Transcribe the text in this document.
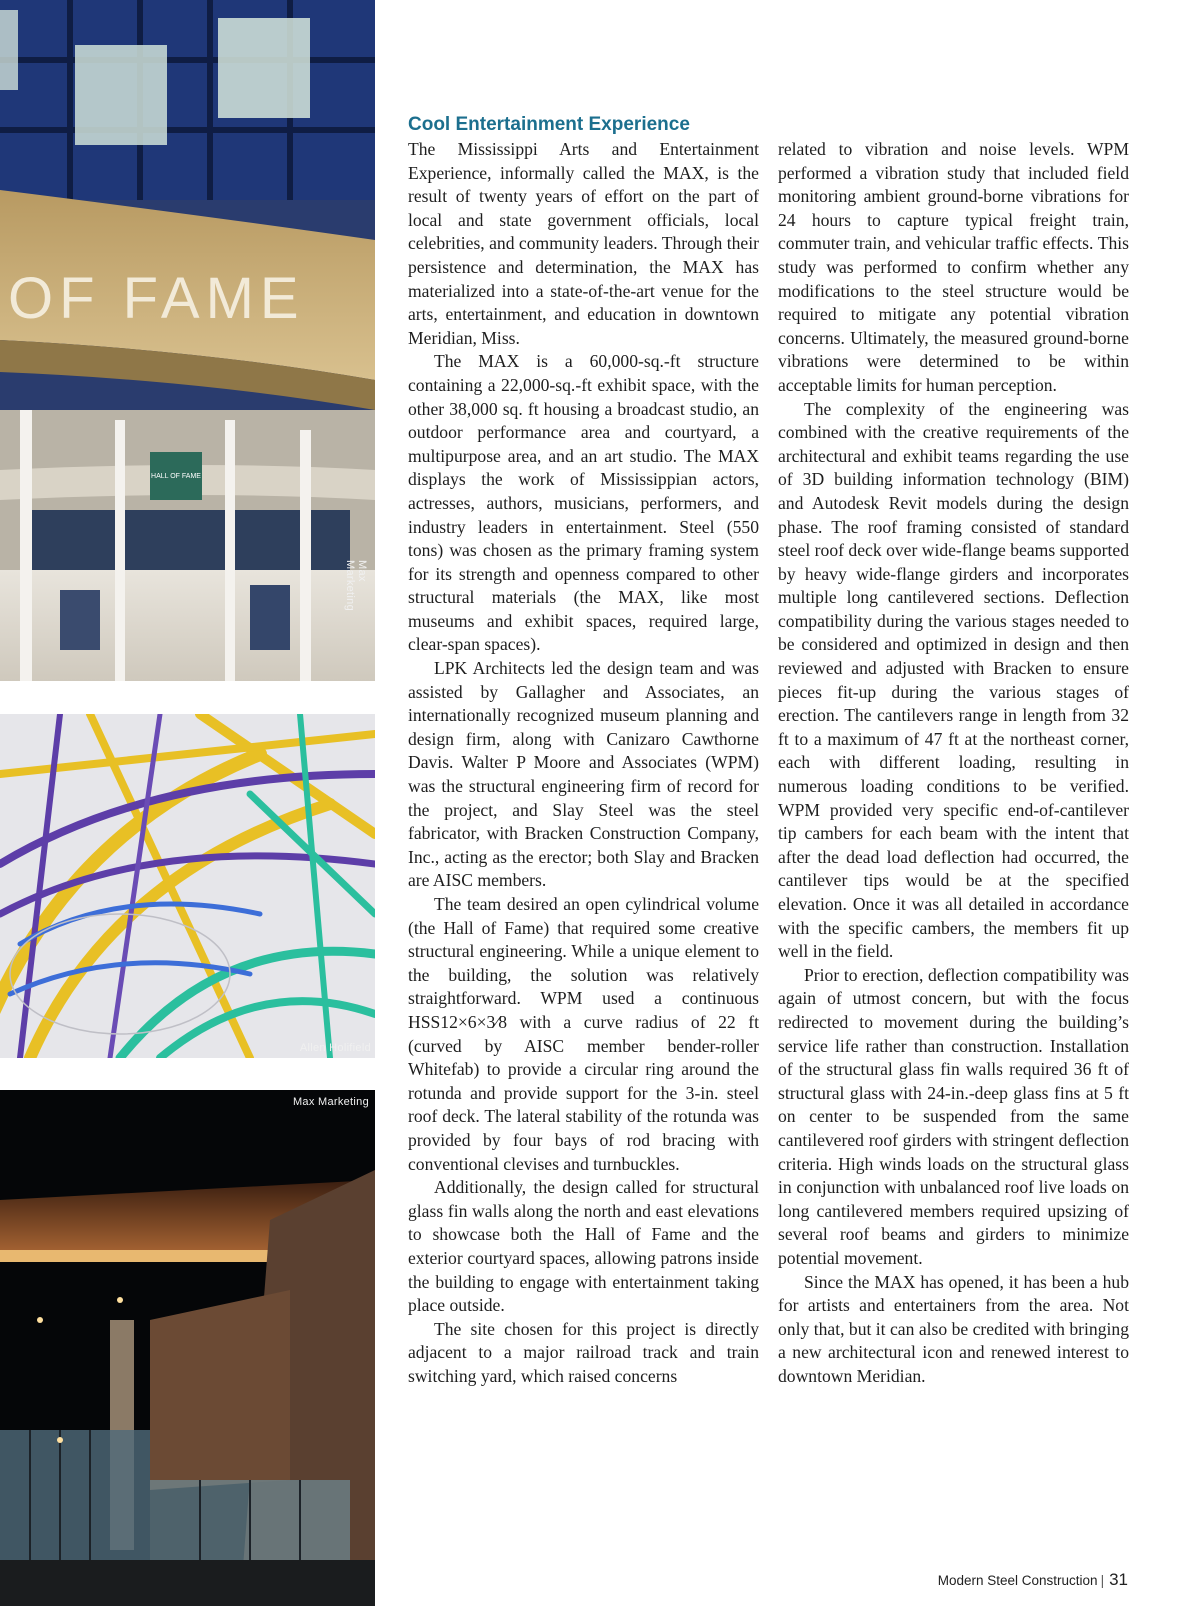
OF FAME
HALL OF FAME
Max Marketing
Allen Holifield
Max Marketing
Cool Entertainment Experience

The Mississippi Arts and Entertainment Experience, informally called the MAX, is the result of twenty years of effort on the part of local and state government officials, local celebrities, and community leaders. Through their persistence and determination, the MAX has materialized into a state-of-the-art venue for the arts, entertainment, and education in downtown Meridian, Miss.

The MAX is a 60,000-sq.-ft structure containing a 22,000-sq.-ft exhibit space, with the other 38,000 sq. ft housing a broadcast studio, an outdoor performance area and courtyard, a multipurpose area, and an art studio. The MAX displays the work of Mississippian actors, actresses, authors, musicians, performers, and industry leaders in entertainment. Steel (550 tons) was chosen as the primary framing system for its strength and openness compared to other structural materials (the MAX, like most museums and exhibit spaces, required large, clear-span spaces).

LPK Architects led the design team and was assisted by Gallagher and Associates, an internationally recognized museum planning and design firm, along with Canizaro Cawthorne Davis. Walter P Moore and Associates (WPM) was the structural engineering firm of record for the project, and Slay Steel was the steel fabricator, with Bracken Construction Company, Inc., acting as the erector; both Slay and Bracken are AISC members.

The team desired an open cylindrical volume (the Hall of Fame) that required some creative structural engineering. While a unique element to the building, the solution was relatively straightforward. WPM used a continuous HSS12×6×3⁄8 with a curve radius of 22 ft (curved by AISC member bender-roller Whitefab) to provide a circular ring around the rotunda and provide support for the 3-in. steel roof deck. The lateral stability of the rotunda was provided by four bays of rod bracing with conventional clevises and turnbuckles.

Additionally, the design called for structural glass fin walls along the north and east elevations to showcase both the Hall of Fame and the exterior courtyard spaces, allowing patrons inside the building to engage with entertainment taking place outside.

The site chosen for this project is directly adjacent to a major railroad track and train switching yard, which raised concerns

related to vibration and noise levels. WPM performed a vibration study that included field monitoring ambient ground-borne vibrations for 24 hours to capture typical freight train, commuter train, and vehicular traffic effects. This study was performed to confirm whether any modifications to the steel structure would be required to mitigate any potential vibration concerns. Ultimately, the measured ground-borne vibrations were determined to be within acceptable limits for human perception.

The complexity of the engineering was combined with the creative requirements of the architectural and exhibit teams regarding the use of 3D building information technology (BIM) and Autodesk Revit models during the design phase. The roof framing consisted of standard steel roof deck over wide-flange beams supported by heavy wide-flange girders and incorporates multiple long cantilevered sections. Deflection compatibility during the various stages needed to be considered and optimized in design and then reviewed and adjusted with Bracken to ensure pieces fit-up during the various stages of erection. The cantilevers range in length from 32 ft to a maximum of 47 ft at the northeast corner, each with different loading, resulting in numerous loading conditions to be verified. WPM provided very specific end-of-cantilever tip cambers for each beam with the intent that after the dead load deflection had occurred, the cantilever tips would be at the specified elevation. Once it was all detailed in accordance with the specific cambers, the members fit up well in the field.

Prior to erection, deflection compatibility was again of utmost concern, but with the focus redirected to movement during the building’s service life rather than construction. Installation of the structural glass fin walls required 36 ft of structural glass with 24-in.-deep glass fins at 5 ft on center to be suspended from the same cantilevered roof girders with stringent deflection criteria. High winds loads on the structural glass in conjunction with unbalanced roof live loads on long cantilevered members required upsizing of several roof beams and girders to minimize potential movement.

Since the MAX has opened, it has been a hub for artists and entertainers from the area. Not only that, but it can also be credited with bringing a new architectural icon and renewed interest to downtown Meridian.

Modern Steel Construction | 31
